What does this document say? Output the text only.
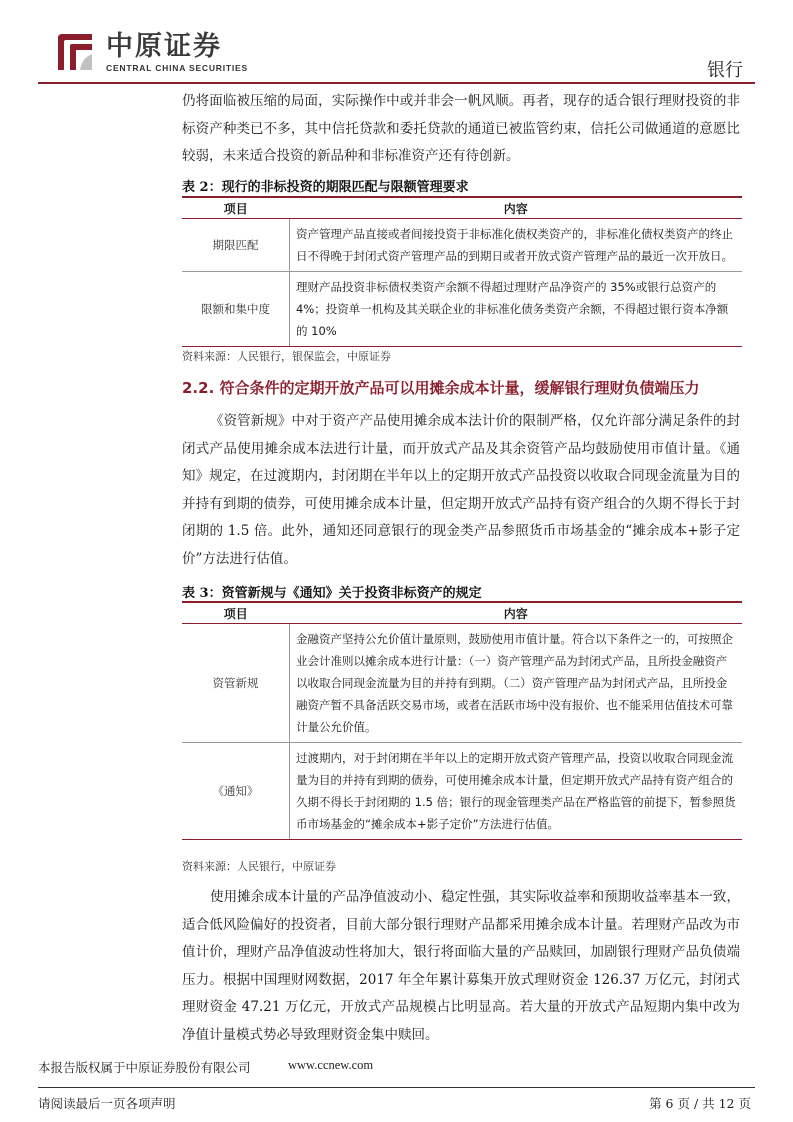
中原证券
CENTRAL CHINA SECURITIES	银行

仍将面临被压缩的局面，实际操作中或并非会一帆风顺。再者，现存的适合银行理财投资的非标资产种类已不多，其中信托贷款和委托贷款的通道已被监管约束，信托公司做通道的意愿比较弱，未来适合投资的新品种和非标准资产还有待创新。

表 2：现行的非标投资的期限匹配与限额管理要求
项目	内容
期限匹配	资产管理产品直接或者间接投资于非标准化债权类资产的，非标准化债权类资产的终止日不得晚于封闭式资产管理产品的到期日或者开放式资产管理产品的最近一次开放日。
限额和集中度	理财产品投资非标债权类资产余额不得超过理财产品净资产的 35%或银行总资产的 4%；投资单一机构及其关联企业的非标准化债务类资产余额，不得超过银行资本净额的 10%
资料来源：人民银行，银保监会，中原证券
2.2. 符合条件的定期开放产品可以用摊余成本计量，缓解银行理财负债端压力

《资管新规》中对于资产产品使用摊余成本法计价的限制严格，仅允许部分满足条件的封闭式产品使用摊余成本法进行计量，而开放式产品及其余资管产品均鼓励使用市值计量。《通知》规定，在过渡期内，封闭期在半年以上的定期开放式产品投资以收取合同现金流量为目的并持有到期的债券，可使用摊余成本计量，但定期开放式产品持有资产组合的久期不得长于封闭期的 1.5 倍。此外，通知还同意银行的现金类产品参照货币市场基金的“摊余成本+影子定价”方法进行估值。

表 3：资管新规与《通知》关于投资非标资产的规定
项目	内容
资管新规	金融资产坚持公允价值计量原则，鼓励使用市值计量。符合以下条件之一的，可按照企业会计准则以摊余成本进行计量：（一）资产管理产品为封闭式产品，且所投金融资产以收取合同现金流量为目的并持有到期。（二）资产管理产品为封闭式产品，且所投金融资产暂不具备活跃交易市场，或者在活跃市场中没有报价、也不能采用估值技术可靠计量公允价值。
《通知》	过渡期内，对于封闭期在半年以上的定期开放式资产管理产品，投资以收取合同现金流量为目的并持有到期的债券，可使用摊余成本计量，但定期开放式产品持有资产组合的久期不得长于封闭期的 1.5 倍；银行的现金管理类产品在严格监管的前提下，暂参照货币市场基金的“摊余成本+影子定价”方法进行估值。
资料来源：人民银行，中原证券

使用摊余成本计量的产品净值波动小、稳定性强，其实际收益率和预期收益率基本一致，适合低风险偏好的投资者，目前大部分银行理财产品都采用摊余成本计量。若理财产品改为市值计价，理财产品净值波动性将加大，银行将面临大量的产品赎回，加剧银行理财产品负债端压力。根据中国理财网数据，2017 年全年累计募集开放式理财资金 126.37 万亿元，封闭式理财资金 47.21 万亿元，开放式产品规模占比明显高。若大量的开放式产品短期内集中改为净值计量模式势必导致理财资金集中赎回。

本报告版权属于中原证券股份有限公司	www.ccnew.com
请阅读最后一页各项声明	第 6 页 / 共 12 页
